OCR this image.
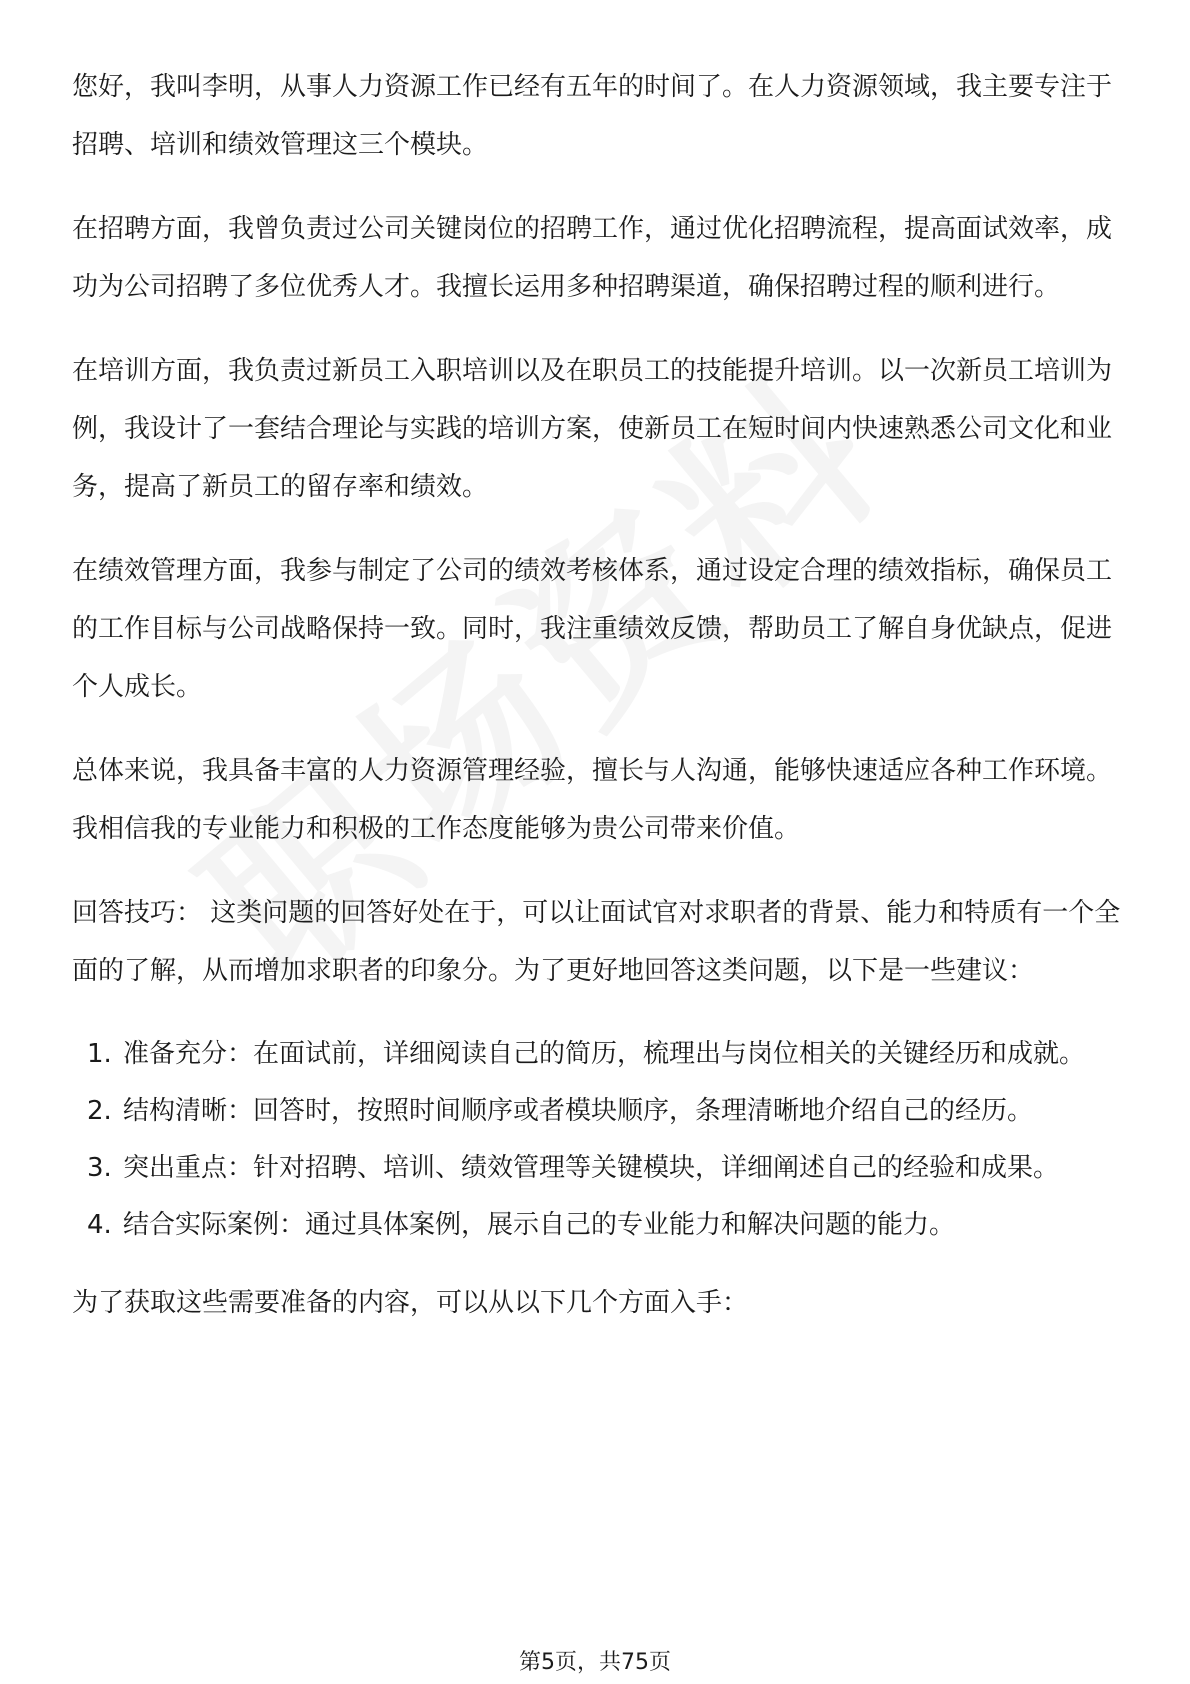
您好，我叫李明，从事人力资源工作已经有五年的时间了。在人力资源领域，我主要专注于招聘、培训和绩效管理这三个模块。

在招聘方面，我曾负责过公司关键岗位的招聘工作，通过优化招聘流程，提高面试效率，成功为公司招聘了多位优秀人才。我擅长运用多种招聘渠道，确保招聘过程的顺利进行。

在培训方面，我负责过新员工入职培训以及在职员工的技能提升培训。以一次新员工培训为例，我设计了一套结合理论与实践的培训方案，使新员工在短时间内快速熟悉公司文化和业务，提高了新员工的留存率和绩效。

在绩效管理方面，我参与制定了公司的绩效考核体系，通过设定合理的绩效指标，确保员工的工作目标与公司战略保持一致。同时，我注重绩效反馈，帮助员工了解自身优缺点，促进个人成长。

总体来说，我具备丰富的人力资源管理经验，擅长与人沟通，能够快速适应各种工作环境。我相信我的专业能力和积极的工作态度能够为贵公司带来价值。

回答技巧： 这类问题的回答好处在于，可以让面试官对求职者的背景、能力和特质有一个全面的了解，从而增加求职者的印象分。为了更好地回答这类问题，以下是一些建议：

1. 准备充分：在面试前，详细阅读自己的简历，梳理出与岗位相关的关键经历和成就。
2. 结构清晰：回答时，按照时间顺序或者模块顺序，条理清晰地介绍自己的经历。
3. 突出重点：针对招聘、培训、绩效管理等关键模块，详细阐述自己的经验和成果。
4. 结合实际案例：通过具体案例，展示自己的专业能力和解决问题的能力。

为了获取这些需要准备的内容，可以从以下几个方面入手：

第5页，共75页
